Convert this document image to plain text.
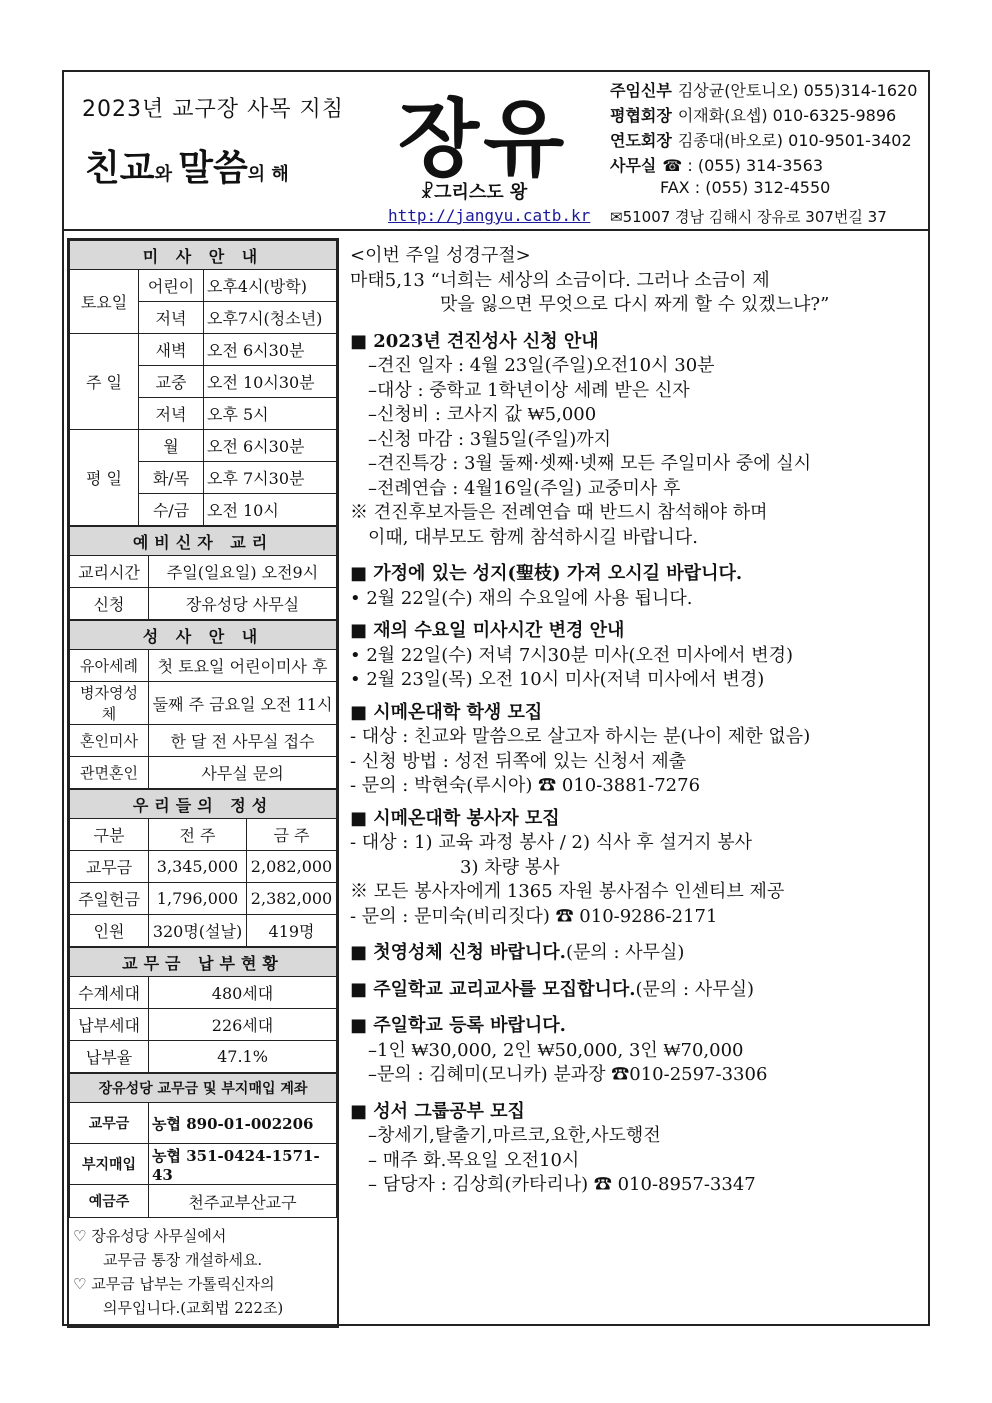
2023년 교구장 사목 지침
친교와 말씀의 해 장유
☧그리스도 왕
http://jangyu.catb.kr
주임신부 김상균(안토니오) 055)314-1620
평협회장 이재화(요셉) 010-6325-9896
연도회장 김종대(바오로) 010-9501-3402
사무실 ☎ : (055) 314-3563
FAX : (055) 312-4550
✉51007 경남 김해시 장유로 307번길 37
미 사 안 내		
토요일	어린이	오후4시(방학)
	저녁	오후7시(청소년)
주 일	새벽	오전 6시30분
	교중	오전 10시30분
	저녁	오후 5시
평 일	월	오전 6시30분
	화/목	오후 7시30분
	수/금	오전 10시
예비신자 교리	
교리시간	주일(일요일) 오전9시
신청	장유성당 사무실
성 사 안 내	
유아세례	첫 토요일 어린이미사 후
병자영성체	둘째 주 금요일 오전 11시
혼인미사	한 달 전 사무실 접수
관면혼인	사무실 문의
우리들의 정성		
구분	전 주	금 주
교무금	3,345,000	2,082,000
주일헌금	1,796,000	2,382,000
인원	320명(설날)	419명
교무금 납부현황	
수계세대	480세대
납부세대	226세대
납부율	47.1%
장유성당 교무금 및 부지매입 계좌	
교무금	농협 890-01-002206
부지매입	농협 351-0424-1571-43
예금주	천주교부산교구
♡ 장유성당 사무실에서
교무금 통장 개설하세요.
♡ 교무금 납부는 가톨릭신자의
의무입니다.(교회법 222조)
<이번 주일 성경구절>
마태5,13 “너희는 세상의 소금이다. 그러나 소금이 제
맛을 잃으면 무엇으로 다시 짜게 할 수 있겠느냐?”
■ 2023년 견진성사 신청 안내
–견진 일자 : 4월 23일(주일)오전10시 30분
–대상 : 중학교 1학년이상 세례 받은 신자
–신청비 : 코사지 값 ₩5,000
–신청 마감 : 3월5일(주일)까지
–견진특강 : 3월 둘째·셋째·넷째 모든 주일미사 중에 실시
–전례연습 : 4월16일(주일) 교중미사 후
※ 견진후보자들은 전례연습 때 반드시 참석해야 하며
이때, 대부모도 함께 참석하시길 바랍니다.
■ 가정에 있는 성지(聖枝) 가져 오시길 바랍니다.
• 2월 22일(수) 재의 수요일에 사용 됩니다.
■ 재의 수요일 미사시간 변경 안내
• 2월 22일(수) 저녁 7시30분 미사(오전 미사에서 변경)
• 2월 23일(목) 오전 10시 미사(저녁 미사에서 변경)
■ 시메온대학 학생 모집
- 대상 : 친교와 말씀으로 살고자 하시는 분(나이 제한 없음)
- 신청 방법 : 성전 뒤쪽에 있는 신청서 제출
- 문의 : 박현숙(루시아) ☎ 010-3881-7276
■ 시메온대학 봉사자 모집
- 대상 : 1) 교육 과정 봉사 / 2) 식사 후 설거지 봉사
3) 차량 봉사
※ 모든 봉사자에게 1365 자원 봉사점수 인센티브 제공
- 문의 : 문미숙(비리짓다) ☎ 010-9286-2171
■ 첫영성체 신청 바랍니다.(문의 : 사무실)
■ 주일학교 교리교사를 모집합니다.(문의 : 사무실)
■ 주일학교 등록 바랍니다.
–1인 ₩30,000, 2인 ₩50,000, 3인 ₩70,000
–문의 : 김혜미(모니카) 분과장 ☎010-2597-3306
■ 성서 그룹공부 모집
–창세기,탈출기,마르코,요한,사도행전
– 매주 화.목요일 오전10시
– 담당자 : 김상희(카타리나) ☎ 010-8957-3347
